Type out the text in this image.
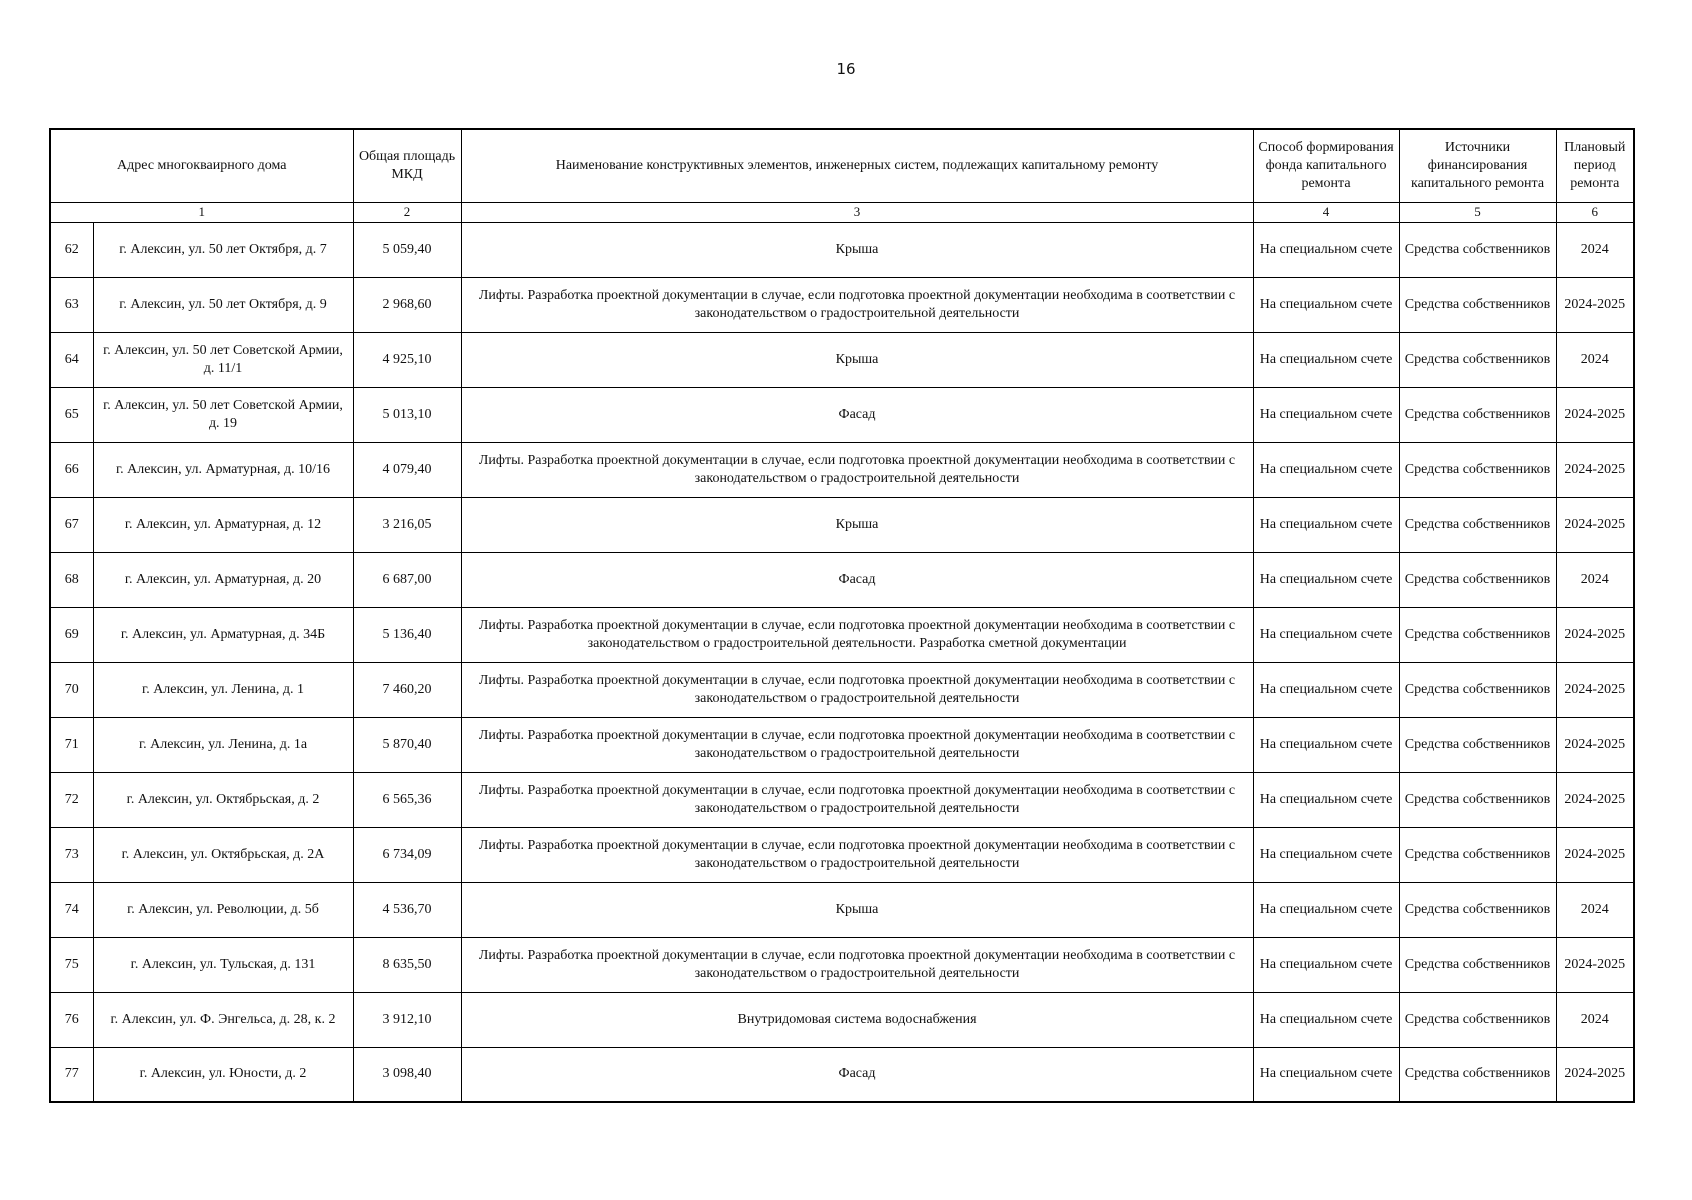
16
Адрес многокваирного дома		Общая площадь МКД	Наименование конструктивных элементов, инженерных систем, подлежащих капитальному ремонту	Способ формирования фонда капитального ремонта	Источники финансирования капитального ремонта	Плановый период ремонта
1		2	3	4	5	6
62	г. Алексин, ул. 50 лет Октября, д. 7	5 059,40	Крыша	На специальном счете	Средства собственников	2024
63	г. Алексин, ул. 50 лет Октября, д. 9	2 968,60	Лифты. Разработка проектной документации в случае, если подготовка проектной документации необходима в соответствии с законодательством о градостроительной деятельности	На специальном счете	Средства собственников	2024-2025
64	г. Алексин, ул. 50 лет Советской Армии, д. 11/1	4 925,10	Крыша	На специальном счете	Средства собственников	2024
65	г. Алексин, ул. 50 лет Советской Армии, д. 19	5 013,10	Фасад	На специальном счете	Средства собственников	2024-2025
66	г. Алексин, ул. Арматурная, д. 10/16	4 079,40	Лифты. Разработка проектной документации в случае, если подготовка проектной документации необходима в соответствии с законодательством о градостроительной деятельности	На специальном счете	Средства собственников	2024-2025
67	г. Алексин, ул. Арматурная, д. 12	3 216,05	Крыша	На специальном счете	Средства собственников	2024-2025
68	г. Алексин, ул. Арматурная, д. 20	6 687,00	Фасад	На специальном счете	Средства собственников	2024
69	г. Алексин, ул. Арматурная, д. 34Б	5 136,40	Лифты. Разработка проектной документации в случае, если подготовка проектной документации необходима в соответствии с законодательством о градостроительной деятельности. Разработка сметной документации	На специальном счете	Средства собственников	2024-2025
70	г. Алексин, ул. Ленина, д. 1	7 460,20	Лифты. Разработка проектной документации в случае, если подготовка проектной документации необходима в соответствии с законодательством о градостроительной деятельности	На специальном счете	Средства собственников	2024-2025
71	г. Алексин, ул. Ленина, д. 1а	5 870,40	Лифты. Разработка проектной документации в случае, если подготовка проектной документации необходима в соответствии с законодательством о градостроительной деятельности	На специальном счете	Средства собственников	2024-2025
72	г. Алексин, ул. Октябрьская, д. 2	6 565,36	Лифты. Разработка проектной документации в случае, если подготовка проектной документации необходима в соответствии с законодательством о градостроительной деятельности	На специальном счете	Средства собственников	2024-2025
73	г. Алексин, ул. Октябрьская, д. 2А	6 734,09	Лифты. Разработка проектной документации в случае, если подготовка проектной документации необходима в соответствии с законодательством о градостроительной деятельности	На специальном счете	Средства собственников	2024-2025
74	г. Алексин, ул. Революции, д. 5б	4 536,70	Крыша	На специальном счете	Средства собственников	2024
75	г. Алексин, ул. Тульская, д. 131	8 635,50	Лифты. Разработка проектной документации в случае, если подготовка проектной документации необходима в соответствии с законодательством о градостроительной деятельности	На специальном счете	Средства собственников	2024-2025
76	г. Алексин, ул. Ф. Энгельса, д. 28, к. 2	3 912,10	Внутридомовая система водоснабжения	На специальном счете	Средства собственников	2024
77	г. Алексин, ул. Юности, д. 2	3 098,40	Фасад	На специальном счете	Средства собственников	2024-2025
